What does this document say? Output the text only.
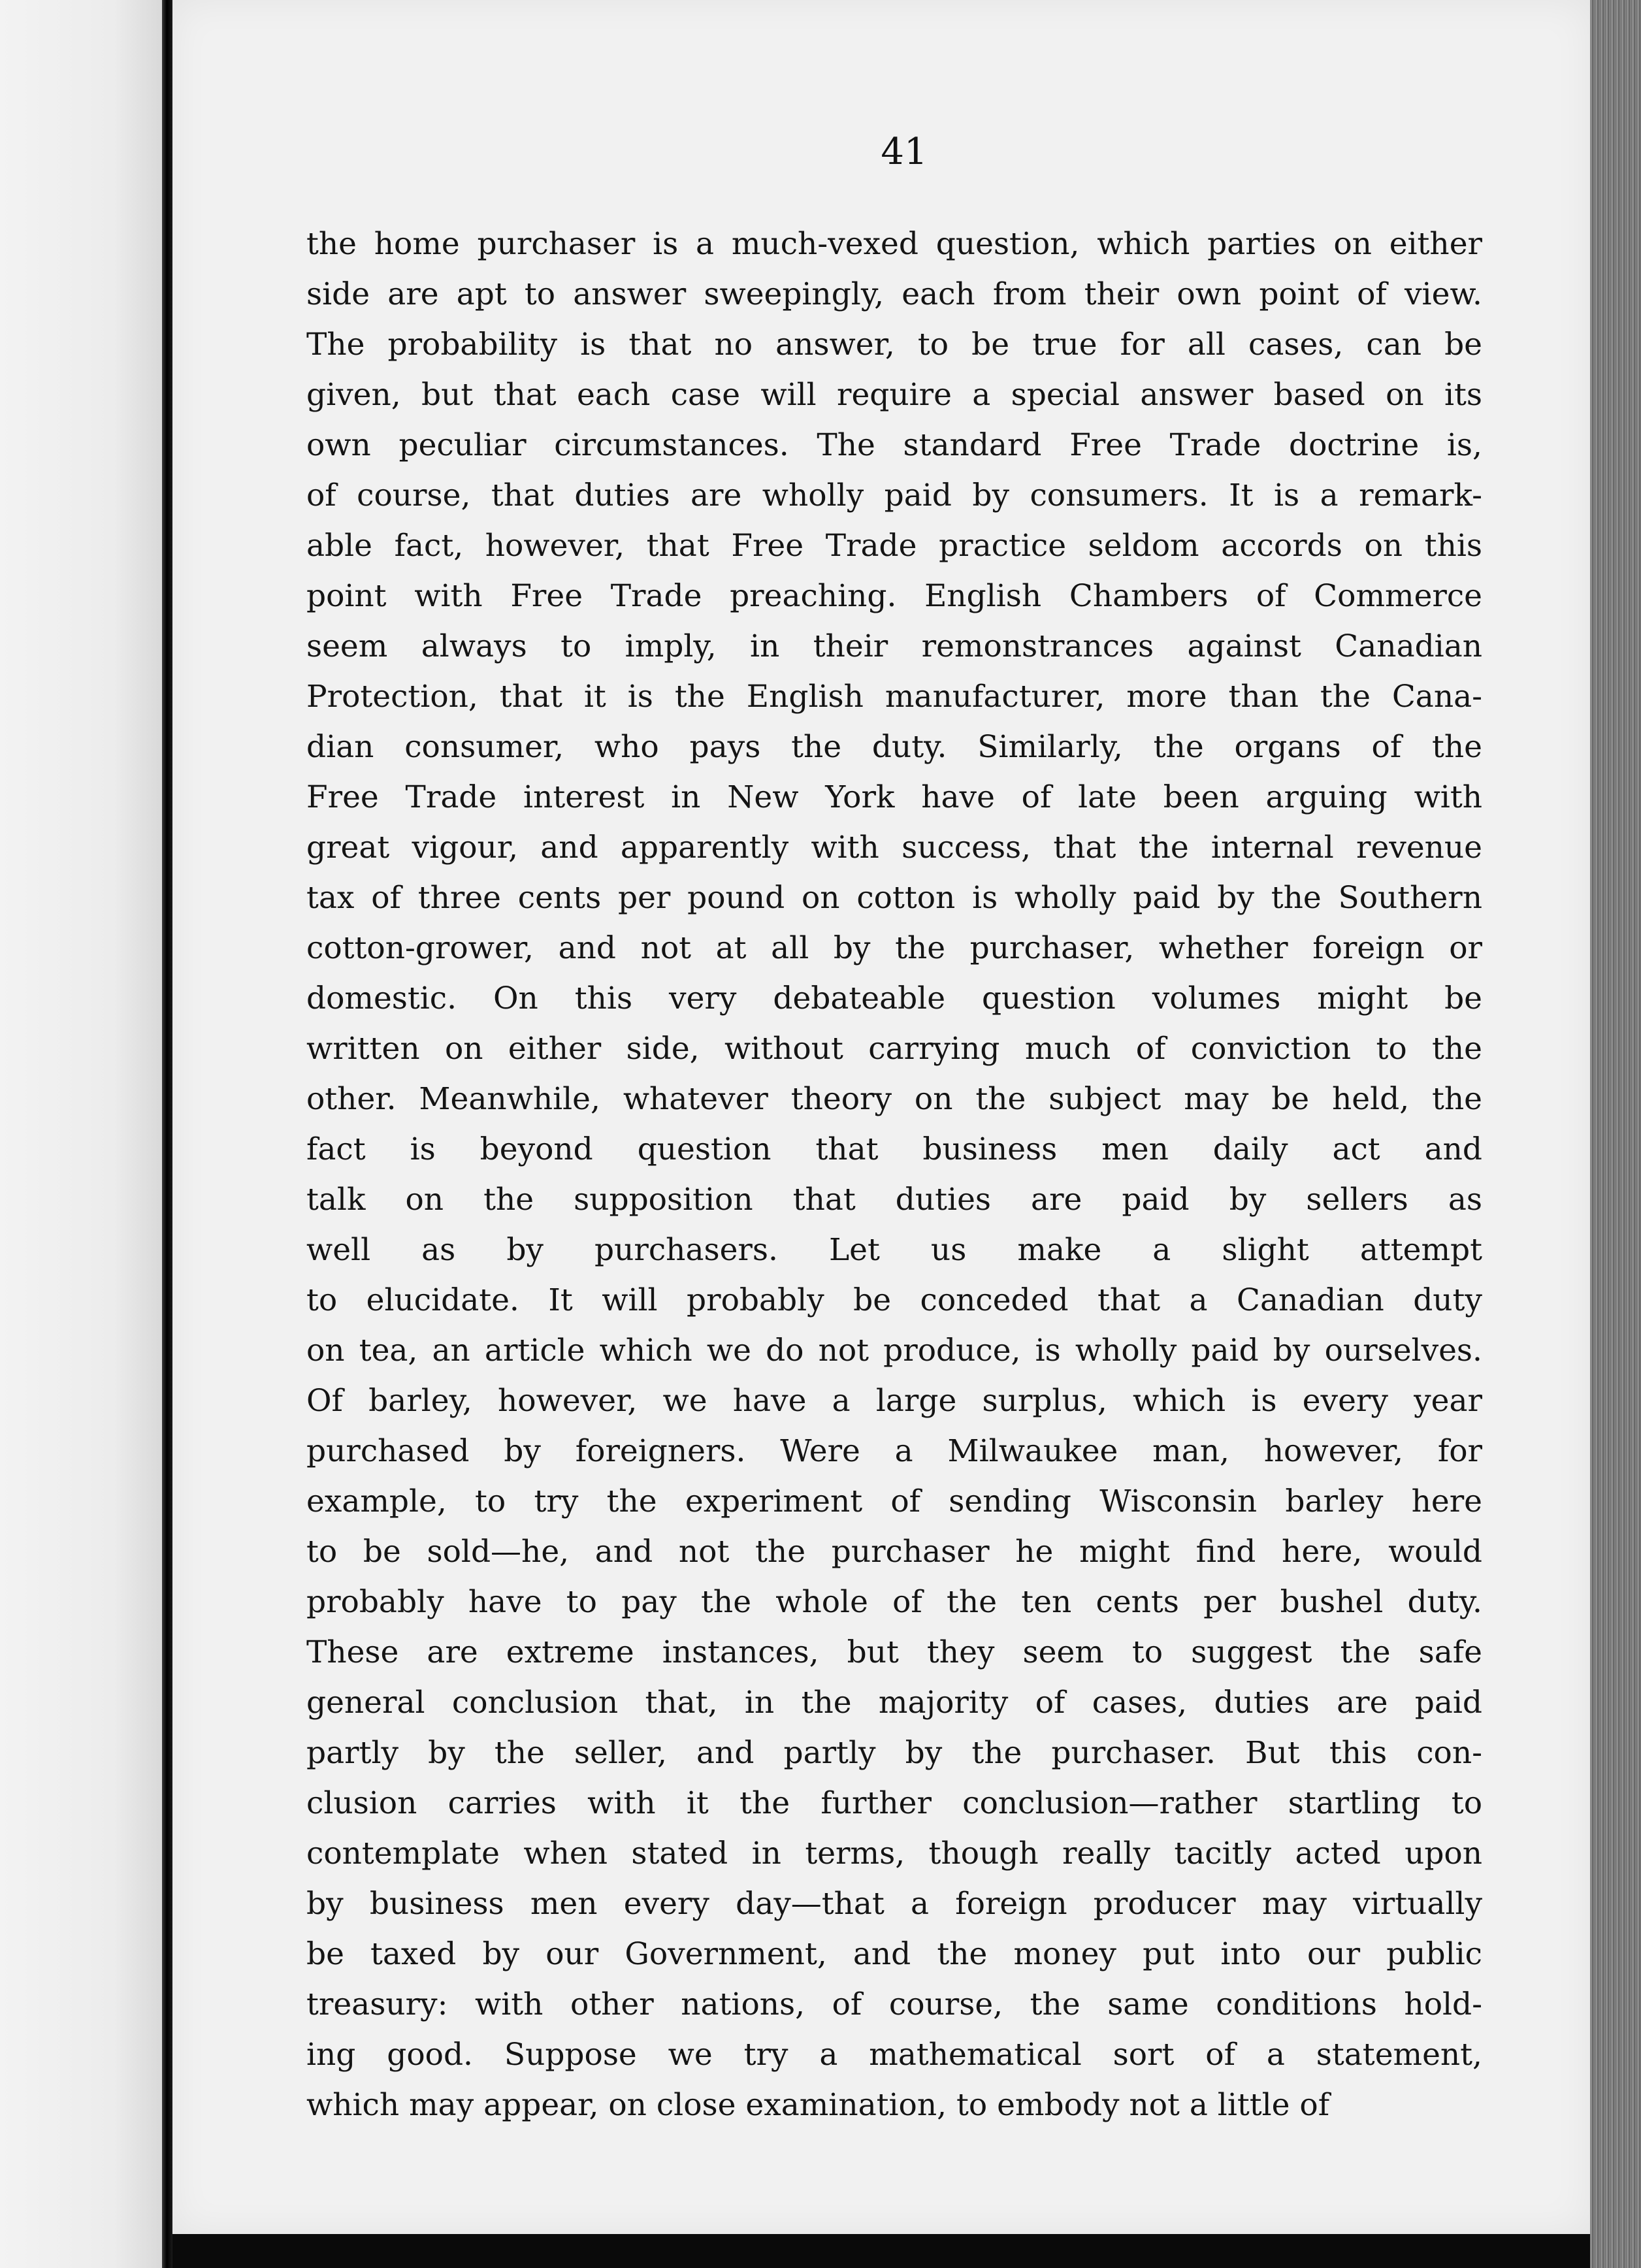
41

the home purchaser is a much-vexed question, which parties on either
side are apt to answer sweepingly, each from their own point of view.
The probability is that no answer, to be true for all cases, can be
given, but that each case will require a special answer based on its
own peculiar circumstances. The standard Free Trade doctrine is,
of course, that duties are wholly paid by consumers. It is a remark-
able fact, however, that Free Trade practice seldom accords on this
point with Free Trade preaching. English Chambers of Commerce
seem always to imply, in their remonstrances against Canadian
Protection, that it is the English manufacturer, more than the Cana-
dian consumer, who pays the duty. Similarly, the organs of the
Free Trade interest in New York have of late been arguing with
great vigour, and apparently with success, that the internal revenue
tax of three cents per pound on cotton is wholly paid by the Southern
cotton-grower, and not at all by the purchaser, whether foreign or
domestic. On this very debateable question volumes might be
written on either side, without carrying much of conviction to the
other. Meanwhile, whatever theory on the subject may be held, the
fact is beyond question that business men daily act and
talk on the supposition that duties are paid by sellers as
well as by purchasers. Let us make a slight attempt
to elucidate. It will probably be conceded that a Canadian duty
on tea, an article which we do not produce, is wholly paid by ourselves.
Of barley, however, we have a large surplus, which is every year
purchased by foreigners. Were a Milwaukee man, however, for
example, to try the experiment of sending Wisconsin barley here
to be sold—he, and not the purchaser he might find here, would
probably have to pay the whole of the ten cents per bushel duty.
These are extreme instances, but they seem to suggest the safe
general conclusion that, in the majority of cases, duties are paid
partly by the seller, and partly by the purchaser. But this con-
clusion carries with it the further conclusion—rather startling to
contemplate when stated in terms, though really tacitly acted upon
by business men every day—that a foreign producer may virtually
be taxed by our Government, and the money put into our public
treasury: with other nations, of course, the same conditions hold-
ing good. Suppose we try a mathematical sort of a statement,
which may appear, on close examination, to embody not a little of
